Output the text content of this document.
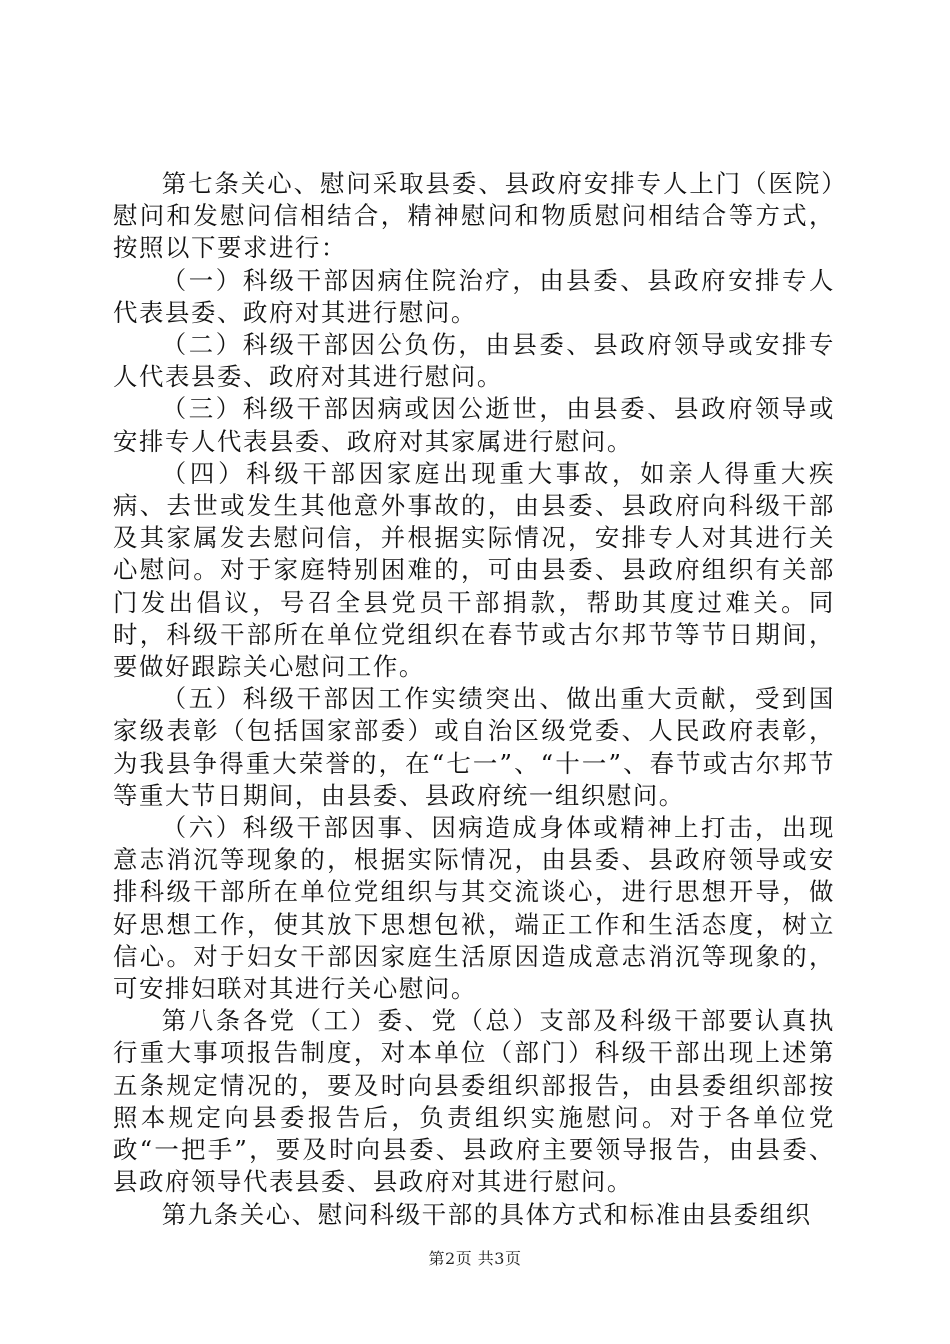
第七条关心、慰问采取县委、县政府安排专人上门（医院）慰问和发慰问信相结合，精神慰问和物质慰问相结合等方式，按照以下要求进行：

（一）科级干部因病住院治疗，由县委、县政府安排专人代表县委、政府对其进行慰问。

（二）科级干部因公负伤，由县委、县政府领导或安排专人代表县委、政府对其进行慰问。

（三）科级干部因病或因公逝世，由县委、县政府领导或安排专人代表县委、政府对其家属进行慰问。

（四）科级干部因家庭出现重大事故，如亲人得重大疾病、去世或发生其他意外事故的，由县委、县政府向科级干部及其家属发去慰问信，并根据实际情况，安排专人对其进行关心慰问。对于家庭特别困难的，可由县委、县政府组织有关部门发出倡议，号召全县党员干部捐款，帮助其度过难关。同时，科级干部所在单位党组织在春节或古尔邦节等节日期间，要做好跟踪关心慰问工作。

（五）科级干部因工作实绩突出、做出重大贡献，受到国家级表彰（包括国家部委）或自治区级党委、人民政府表彰，为我县争得重大荣誉的，在“七一”、“十一”、春节或古尔邦节等重大节日期间，由县委、县政府统一组织慰问。

（六）科级干部因事、因病造成身体或精神上打击，出现意志消沉等现象的，根据实际情况，由县委、县政府领导或安排科级干部所在单位党组织与其交流谈心，进行思想开导，做好思想工作，使其放下思想包袱，端正工作和生活态度，树立信心。对于妇女干部因家庭生活原因造成意志消沉等现象的，可安排妇联对其进行关心慰问。

第八条各党（工）委、党（总）支部及科级干部要认真执行重大事项报告制度，对本单位（部门）科级干部出现上述第五条规定情况的，要及时向县委组织部报告，由县委组织部按照本规定向县委报告后，负责组织实施慰问。对于各单位党政“一把手”，要及时向县委、县政府主要领导报告，由县委、县政府领导代表县委、县政府对其进行慰问。

第九条关心、慰问科级干部的具体方式和标准由县委组织

第2页 共3页
